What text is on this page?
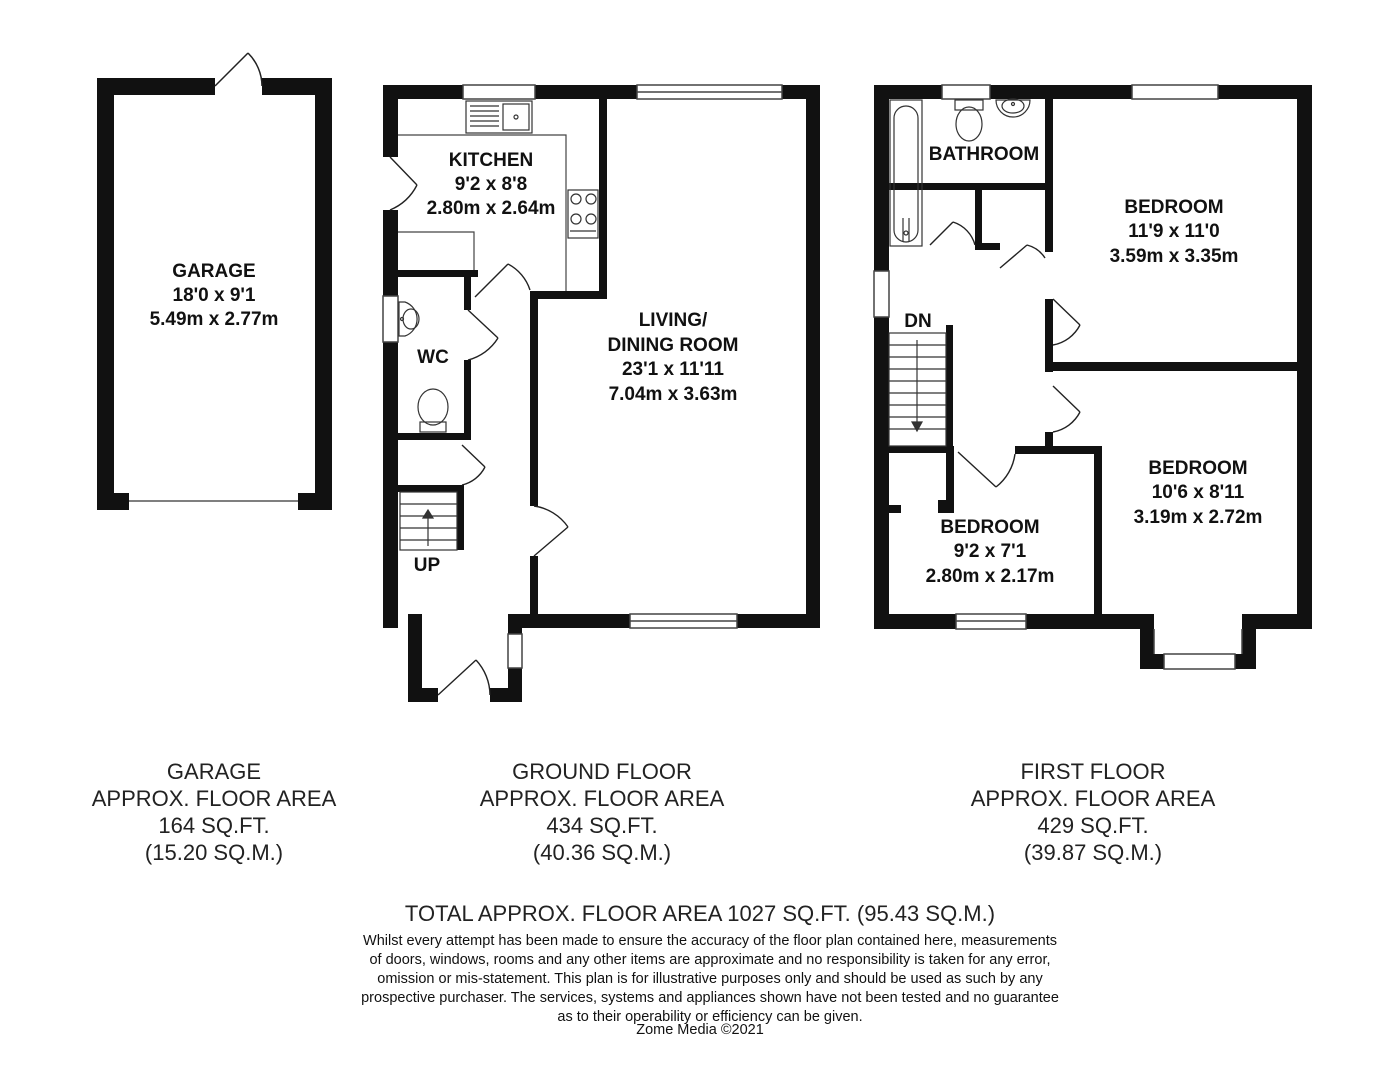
GARAGE
18'0 x 9'1
5.49m x 2.77m
KITCHEN
9'2 x 8'8
2.80m x 2.64m
LIVING/
DINING ROOM
23'1 x 11'11
7.04m x 3.63m
WC
UP
BATHROOM
BEDROOM
11'9 x 11'0
3.59m x 3.35m
BEDROOM
10'6 x 8'11
3.19m x 2.72m
BEDROOM
9'2 x 7'1
2.80m x 2.17m
DN
GARAGE
APPROX. FLOOR AREA
164 SQ.FT.
(15.20 SQ.M.)
GROUND FLOOR
APPROX. FLOOR AREA
434 SQ.FT.
(40.36 SQ.M.)
FIRST FLOOR
APPROX. FLOOR AREA
429 SQ.FT.
(39.87 SQ.M.)
TOTAL APPROX. FLOOR AREA 1027 SQ.FT. (95.43 SQ.M.)
Whilst every attempt has been made to ensure the accuracy of the floor plan contained here, measurements
of doors, windows, rooms and any other items are approximate and no responsibility is taken for any error,
omission or mis-statement. This plan is for illustrative purposes only and should be used as such by any
prospective purchaser. The services, systems and appliances shown have not been tested and no guarantee
as to their operability or efficiency can be given.
Zome Media ©2021
